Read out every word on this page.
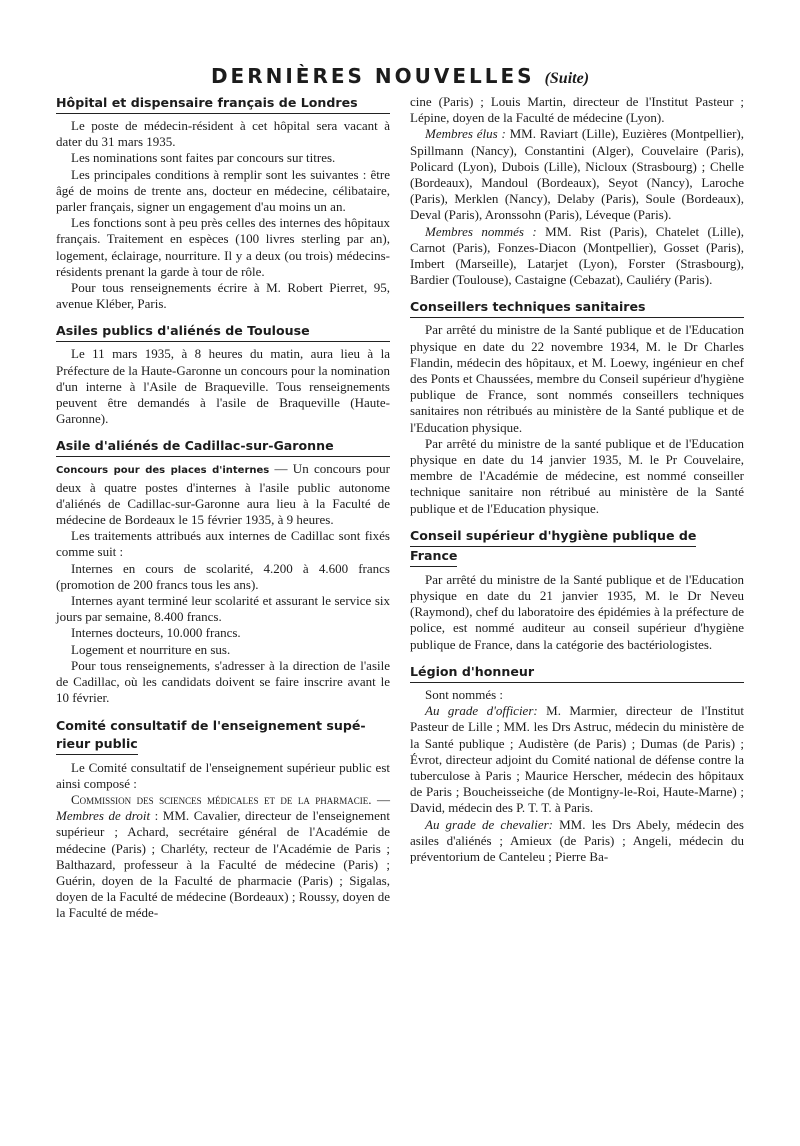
DERNIÈRES NOUVELLES (Suite)
Hôpital et dispensaire français de Londres

Le poste de médecin-résident à cet hôpital sera vacant à dater du 31 mars 1935.

Les nominations sont faites par concours sur titres.

Les principales conditions à remplir sont les suivantes : être âgé de moins de trente ans, docteur en médecine, célibataire, parler français, signer un engagement d'au moins un an.

Les fonctions sont à peu près celles des internes des hôpitaux français. Traitement en espèces (100 livres sterling par an), logement, éclairage, nourriture. Il y a deux (ou trois) médecins-résidents prenant la garde à tour de rôle.

Pour tous renseignements écrire à M. Robert Pierret, 95, avenue Kléber, Paris.

Asiles publics d'aliénés de Toulouse

Le 11 mars 1935, à 8 heures du matin, aura lieu à la Préfecture de la Haute-Garonne un concours pour la nomination d'un interne à l'Asile de Braqueville. Tous renseignements peuvent être demandés à l'asile de Braqueville (Haute-Garonne).

Asile d'aliénés de Cadillac-sur-Garonne

Concours pour des places d'internes — Un concours pour deux à quatre postes d'internes à l'asile public autonome d'aliénés de Cadillac-sur-Garonne aura lieu à la Faculté de médecine de Bordeaux le 15 février 1935, à 9 heures.

Les traitements attribués aux internes de Cadillac sont fixés comme suit :

Internes en cours de scolarité, 4.200 à 4.600 francs (promotion de 200 francs tous les ans).

Internes ayant terminé leur scolarité et assurant le service six jours par semaine, 8.400 francs.

Internes docteurs, 10.000 francs.

Logement et nourriture en sus.

Pour tous renseignements, s'adresser à la direction de l'asile de Cadillac, où les candidats doivent se faire inscrire avant le 10 février.

Comité consultatif de l'enseignement supé-
rieur public

Le Comité consultatif de l'enseignement supérieur public est ainsi composé :

Commission des sciences médicales et de la pharmacie. — Membres de droit : MM. Cavalier, directeur de l'enseignement supérieur ; Achard, secrétaire général de l'Académie de médecine (Paris) ; Charléty, recteur de l'Académie de Paris ; Balthazard, professeur à la Faculté de médecine (Paris) ; Guérin, doyen de la Faculté de pharmacie (Paris) ; Sigalas, doyen de la Faculté de médecine (Bordeaux) ; Roussy, doyen de la Faculté de méde-

cine (Paris) ; Louis Martin, directeur de l'Institut Pasteur ; Lépine, doyen de la Faculté de médecine (Lyon).

Membres élus : MM. Raviart (Lille), Euzières (Montpellier), Spillmann (Nancy), Constantini (Alger), Couvelaire (Paris), Policard (Lyon), Dubois (Lille), Nicloux (Strasbourg) ; Chelle (Bordeaux), Mandoul (Bordeaux), Seyot (Nancy), Laroche (Paris), Merklen (Nancy), Delaby (Paris), Soule (Bordeaux), Deval (Paris), Aronssohn (Paris), Léveque (Paris).

Membres nommés : MM. Rist (Paris), Chatelet (Lille), Carnot (Paris), Fonzes-Diacon (Montpellier), Gosset (Paris), Imbert (Marseille), Latarjet (Lyon), Forster (Strasbourg), Bardier (Toulouse), Castaigne (Cebazat), Cauliéry (Paris).

Conseillers techniques sanitaires

Par arrêté du ministre de la Santé publique et de l'Education physique en date du 22 novembre 1934, M. le Dr Charles Flandin, médecin des hôpitaux, et M. Loewy, ingénieur en chef des Ponts et Chaussées, membre du Conseil supérieur d'hygiène publique de France, sont nommés conseillers techniques sanitaires non rétribués au ministère de la Santé publique et de l'Education physique.

Par arrêté du ministre de la santé publique et de l'Education physique en date du 14 janvier 1935, M. le Pr Couvelaire, membre de l'Académie de médecine, est nommé conseiller technique sanitaire non rétribué au ministère de la Santé publique et de l'Education physique.

Conseil supérieur d'hygiène publique de
France

Par arrêté du ministre de la Santé publique et de l'Education physique en date du 21 janvier 1935, M. le Dr Neveu (Raymond), chef du laboratoire des épidémies à la préfecture de police, est nommé auditeur au conseil supérieur d'hygiène publique de France, dans la catégorie des bactériologistes.

Légion d'honneur

Sont nommés :

Au grade d'officier: M. Marmier, directeur de l'Institut Pasteur de Lille ; MM. les Drs Astruc, médecin du ministère de la Santé publique ; Audistère (de Paris) ; Dumas (de Paris) ; Évrot, directeur adjoint du Comité national de défense contre la tuberculose à Paris ; Maurice Herscher, médecin des hôpitaux de Paris ; Boucheisseiche (de Montigny-le-Roi, Haute-Marne) ; David, médecin des P. T. T. à Paris.

Au grade de chevalier: MM. les Drs Abely, médecin des asiles d'aliénés ; Amieux (de Paris) ; Angeli, médecin du préventorium de Canteleu ; Pierre Ba-
